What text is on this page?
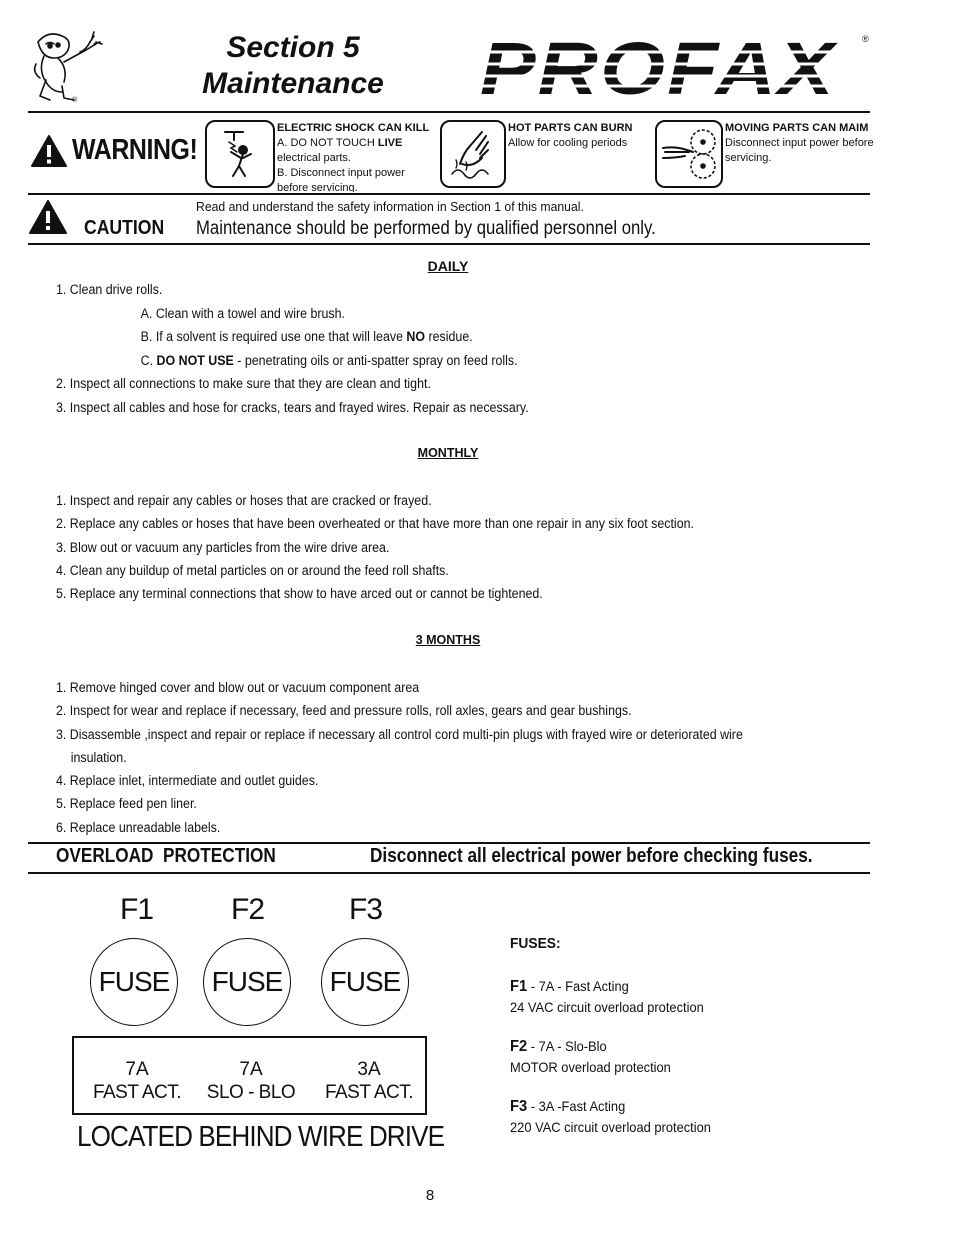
®
Section 5
Maintenance PROFAX	®
WARNING!
ELECTRIC SHOCK CAN KILL
A. DO NOT TOUCH LIVE
electrical parts.
B. Disconnect input power
before servicing.
HOT PARTS CAN BURN
Allow for cooling periods
MOVING PARTS CAN MAIM
Disconnect input power before
servicing.
CAUTION
Read and understand the safety information in Section 1 of this manual.
Maintenance should be performed by qualified personnel only.
DAILY
1. Clean drive rolls.
A. Clean with a towel and wire brush.
B. If a solvent is required use one that will leave NO residue.
C. DO NOT USE - penetrating oils or anti-spatter spray on feed rolls.
2. Inspect all connections to make sure that they are clean and tight.
3. Inspect all cables and hose for cracks, tears and frayed wires. Repair as necessary.
MONTHLY
1. Inspect and repair any cables or hoses that are cracked or frayed.
2. Replace any cables or hoses that have been overheated or that have more than one repair in any six foot section.
3. Blow out or vacuum any particles from the wire drive area.
4. Clean any buildup of metal particles on or around the feed roll shafts.
5. Replace any terminal connections that show to have arced out or cannot be tightened.
3 MONTHS
1. Remove hinged cover and blow out or vacuum component area
2. Inspect for wear and replace if necessary, feed and pressure rolls, roll axles, gears and gear bushings.
3. Disassemble ,inspect and repair or replace if necessary all control cord multi-pin plugs with frayed wire or deteriorated wire
insulation.
4. Replace inlet, intermediate and outlet guides.
5. Replace feed pen liner.
6. Replace unreadable labels.
OVERLOAD  PROTECTION	Disconnect all electrical power before checking fuses.
F1	F2	F3
FUSE	FUSE	FUSE
7A
FAST ACT.
7A
SLO - BLO
3A
FAST ACT.
LOCATED BEHIND WIRE DRIVE
FUSES:
F1 - 7A - Fast Acting
24 VAC circuit overload protection
F2 - 7A - Slo-Blo
MOTOR overload protection
F3 - 3A -Fast Acting
220 VAC circuit overload protection
8
